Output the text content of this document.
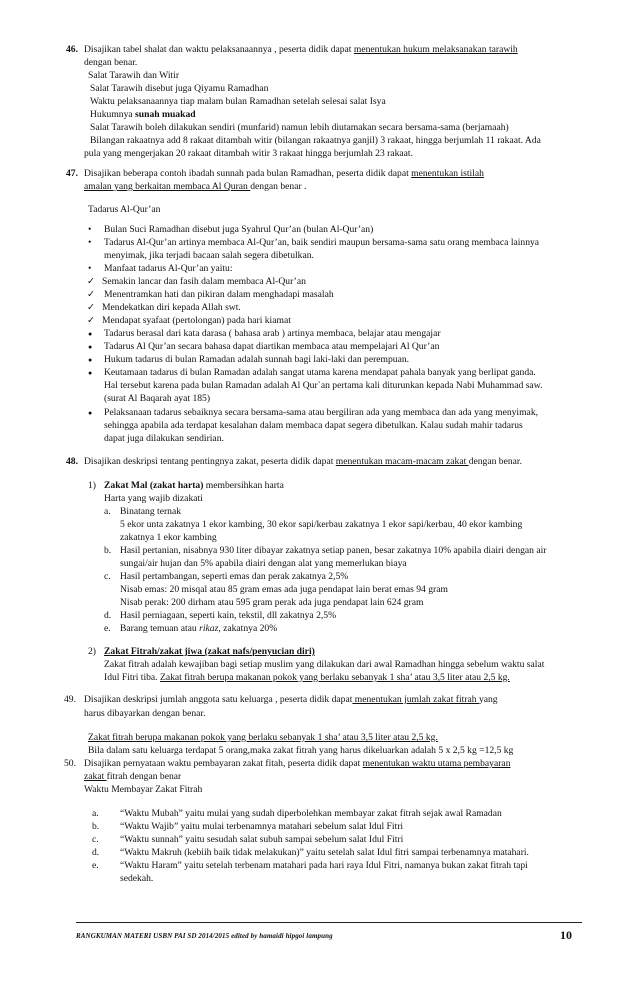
46. Disajikan tabel shalat dan waktu pelaksanaannya , peserta didik dapat menentukan hukum melaksanakan tarawih
dengan benar.
Salat Tarawih dan Witir
Salat Tarawih disebut juga Qiyamu Ramadhan
Waktu pelaksanaannya tiap malam bulan Ramadhan setelah selesai salat Isya
Hukumnya sunah muakad
Salat Tarawih boleh dilakukan sendiri (munfarid) namun lebih diutamakan secara bersama-sama (berjamaah)
Bilangan rakaatnya add 8 rakaat ditambah witir (bilangan rakaatnya ganjil) 3 rakaat, hingga berjumlah 11 rakaat. Ada
pula yang mengerjakan 20 rakaat ditambah witir 3 rakaat hingga berjumlah 23 rakaat.
47. Disajikan beberapa contoh ibadah sunnah pada bulan Ramadhan, peserta didik dapat menentukan istilah
amalan yang berkaitan membaca Al Quran dengan benar .
Tadarus Al-Qur’an
• Bulan Suci Ramadhan disebut juga Syahrul Qur’an (bulan Al-Qur’an)
• Tadarus Al-Qur’an artinya membaca Al-Qur’an, baik sendiri maupun bersama-sama satu orang membaca lainnya
menyimak, jika terjadi bacaan salah segera dibetulkan.
• Manfaat tadarus Al-Qur’an yaitu:
✓ Semakin lancar dan fasih dalam membaca Al-Qur’an
✓ Menentramkan hati dan pikiran dalam menghadapi masalah
✓ Mendekatkan diri kepada Allah swt.
✓ Mendapat syafaat (pertolongan) pada hari kiamat
● Tadarus berasal dari kata darasa ( bahasa arab ) artinya membaca, belajar atau mengajar
● Tadarus Al Qur’an secara bahasa dapat diartikan membaca atau mempelajari Al Qur’an
● Hukum tadarus di bulan Ramadan adalah sunnah bagi laki-laki dan perempuan.
● Keutamaan tadarus di bulan Ramadan adalah sangat utama karena mendapat pahala banyak yang berlipat ganda.
Hal tersebut karena pada bulan Ramadan adalah Al Qur`an pertama kali diturunkan kepada Nabi Muhammad saw.
(surat Al Baqarah ayat 185)
● Pelaksanaan tadarus sebaiknya secara bersama-sama atau bergiliran ada yang membaca dan ada yang menyimak,
sehingga apabila ada terdapat kesalahan dalam membaca dapat segera dibetulkan. Kalau sudah mahir tadarus
dapat juga dilakukan sendirian.
48. Disajikan deskripsi tentang pentingnya zakat, peserta didik dapat menentukan macam-macam zakat dengan benar.
1) Zakat Mal (zakat harta) membersihkan harta
Harta yang wajib dizakati
a. Binatang ternak
5 ekor unta zakatnya 1 ekor kambing, 30 ekor sapi/kerbau zakatnya 1 ekor sapi/kerbau, 40 ekor kambing
zakatnya 1 ekor kambing
b. Hasil pertanian, nisabnya 930 liter dibayar zakatnya setiap panen, besar zakatnya 10% apabila diairi dengan air
sungai/air hujan dan 5% apabila diairi dengan alat yang memerlukan biaya
c. Hasil pertambangan, seperti emas dan perak zakatnya 2,5%
Nisab emas: 20 misqal atau 85 gram emas ada juga pendapat lain berat emas 94 gram
Nisab perak: 200 dirham atau 595 gram perak ada juga pendapat lain 624 gram
d. Hasil perniagaan, seperti kain, tekstil, dll zakatnya 2,5%
e. Barang temuan atau rikaz, zakatnya 20%
2) Zakat Fitrah/zakat jiwa (zakat nafs/penyucian diri)
Zakat fitrah adalah kewajiban bagi setiap muslim yang dilakukan dari awal Ramadhan hingga sebelum waktu salat
Idul Fitri tiba. Zakat fitrah berupa makanan pokok yang berlaku sebanyak 1 sha’ atau 3,5 liter atau 2,5 kg.
49. Disajikan deskripsi jumlah anggota satu keluarga , peserta didik dapat menentukan jumlah zakat fitrah yang
harus dibayarkan dengan benar.
Zakat fitrah berupa makanan pokok yang berlaku sebanyak 1 sha’ atau 3,5 liter atau 2,5 kg.
Bila dalam satu keluarga terdapat 5 orang,maka zakat fitrah yang harus dikeluarkan adalah 5 x 2,5 kg =12,5 kg
50. Disajikan pernyataan waktu pembayaran zakat fitah, peserta didik dapat menentukan waktu utama pembayaran
zakat fitrah dengan benar
Waktu Membayar Zakat Fitrah
a. “Waktu Mubah” yaitu mulai yang sudah diperbolehkan membayar zakat fitrah sejak awal Ramadan
b. “Waktu Wajib” yaitu mulai terbenamnya matahari sebelum salat Idul Fitri
c. “Waktu sunnah” yaitu sesudah salat subuh sampai sebelum salat Idul Fitri
d. “Waktu Makruh (kebiih baik tidak melakukan)” yaitu setelah salat Idul fitri sampai terbenamnya matahari.
e. “Waktu Haram” yaitu setelah terbenam matahari pada hari raya Idul Fitri, namanya bukan zakat fitrah tapi
sedekah.
RANGKUMAN MATERI USBN PAI SD 2014/2015 edited by hamaidi hipgoi lampung	10
